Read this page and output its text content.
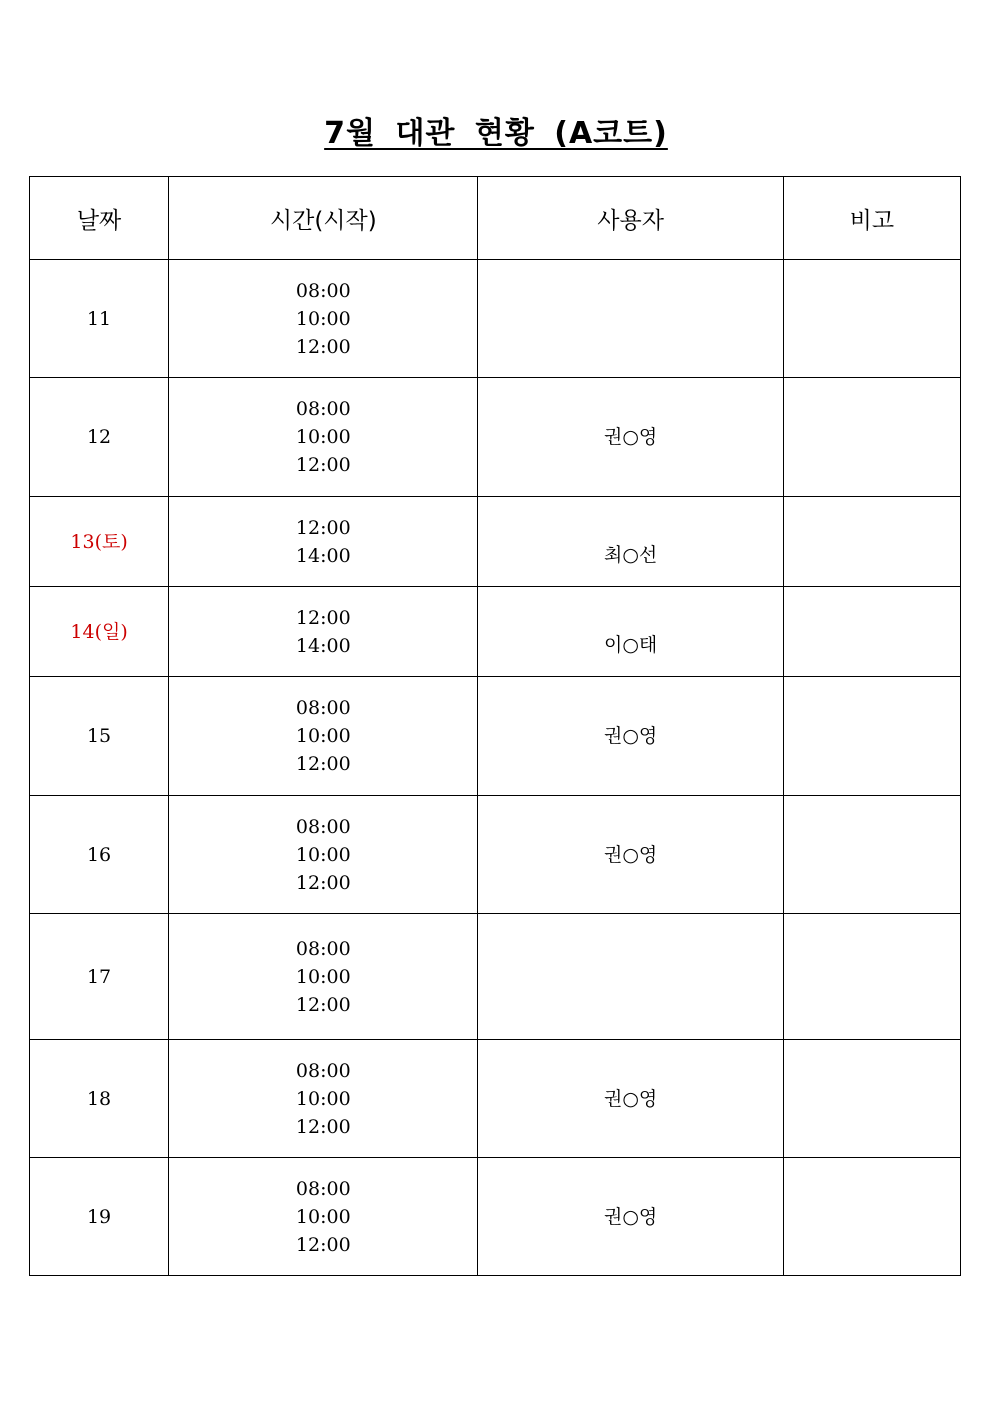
7월 대관 현황 (A코트)
날짜	시간(시작)	사용자	비고
11	08:00
10:00
12:00		

12	08:00
10:00
12:00	권○영	
13(토)	12:00
14:00	최○선	

14(일)	12:00
14:00	이○태	

15	08:00
10:00
12:00	권○영	
16	08:00
10:00
12:00	권○영	
17	08:00
10:00
12:00		

18	08:00
10:00
12:00	권○영	
19	08:00
10:00
12:00	권○영	
